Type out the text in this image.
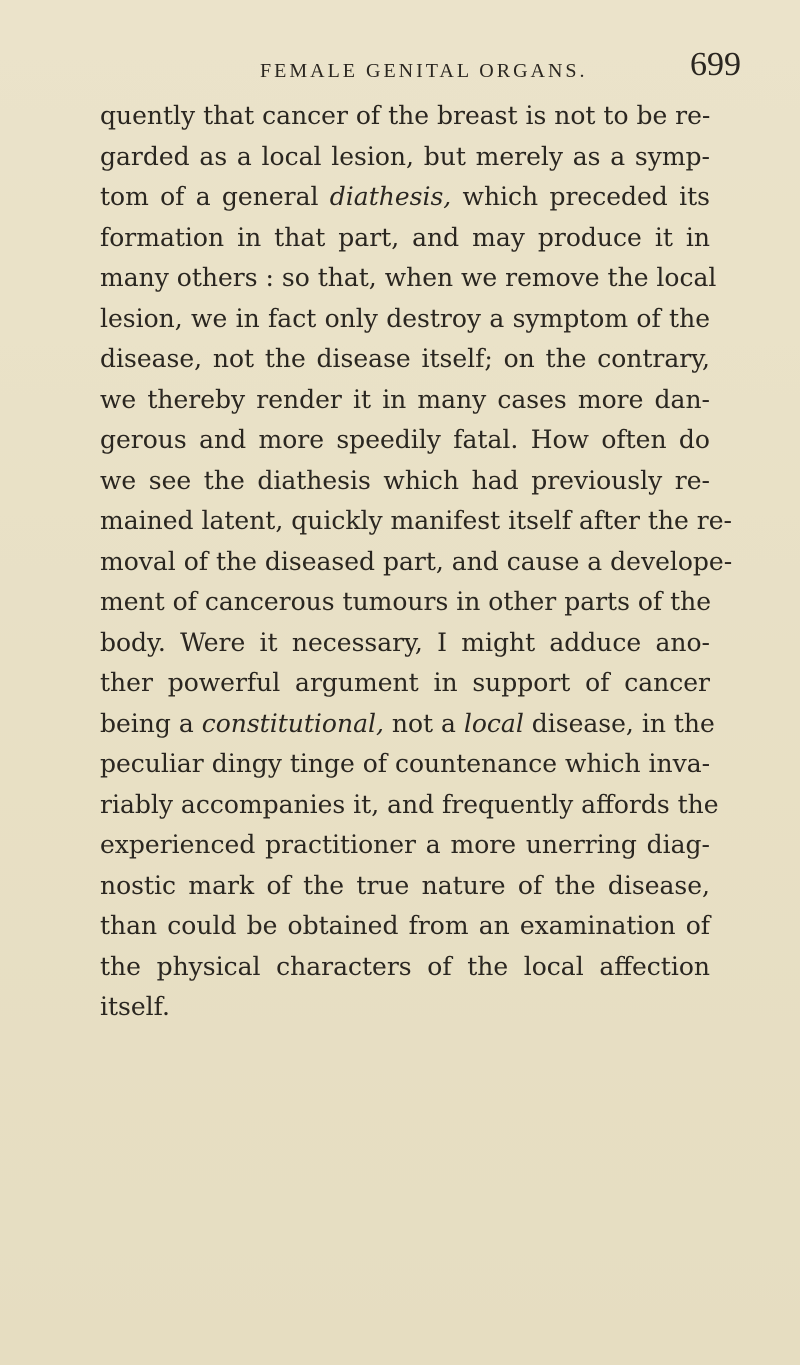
FEMALE GENITAL ORGANS.	699
quently that cancer of the breast is not to be re-
garded as a local lesion, but merely as a symp-
tom of a general diathesis, which preceded its
formation in that part, and may produce it in
many others : so that, when we remove the local
lesion, we in fact only destroy a symptom of the
disease, not the disease itself; on the contrary,
we thereby render it in many cases more dan-
gerous and more speedily fatal. How often do
we see the diathesis which had previously re-
mained latent, quickly manifest itself after the re-
moval of the diseased part, and cause a develope-
ment of cancerous tumours in other parts of the
body. Were it necessary, I might adduce ano-
ther powerful argument in support of cancer
being a constitutional, not a local disease, in the
peculiar dingy tinge of countenance which inva-
riably accompanies it, and frequently affords the
experienced practitioner a more unerring diag-
nostic mark of the true nature of the disease,
than could be obtained from an examination of
the physical characters of the local affection
itself.
